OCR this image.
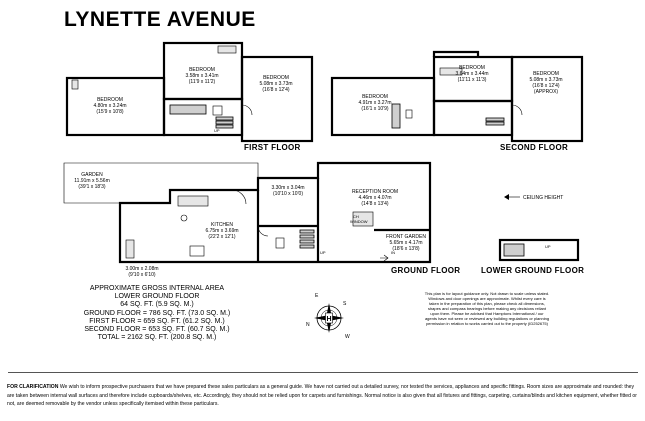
LYNETTE AVENUE
H
FIRST FLOOR	SECOND FLOOR
GROUND FLOOR	LOWER GROUND FLOOR
BEDROOM
4.80m x 3.24m
(15'9 x 10'8)
BEDROOM
3.58m x 3.41m
(11'9 x 11'2)
BEDROOM
5.08m x 3.73m
(16'8 x 12'4)
UP
BEDROOM
4.91m x 3.27m
(16'1 x 10'9)
BEDROOM
3.64m x 3.44m
(11'11 x 11'3)
BEDROOM
5.08m x 3.73m
(16'8 x 12'4)
(APPROX)
GARDEN
11.91m x 5.56m
(39'1 x 18'3)
KITCHEN
6.75m x 3.69m
(22'2 x 12'1)
3.30m x 3.04m
(10'10 x 10'0)
3.00m x 2.08m
(9'10 x 6'10)
RECEPTION ROOM
4.46m x 4.07m
(14'8 x 13'4)
FRONT GARDEN
5.65m x 4.17m
(18'6 x 13'8)
CH
WINDOW
UP	IN
UP
CEILING HEIGHT
E
S
N
W
APPROXIMATE GROSS INTERNAL AREA
LOWER GROUND FLOOR
64 SQ. FT. (5.9 SQ. M.)
GROUND FLOOR = 786 SQ. FT. (73.0 SQ. M.)
FIRST FLOOR = 659 SQ. FT. (61.2 SQ. M.)
SECOND FLOOR = 653 SQ. FT. (60.7 SQ. M.)
TOTAL = 2162 SQ. FT. (200.8 SQ. M.)
This plan is for layout guidance only. Not drawn to scale unless stated. Windows and door openings are approximate. Whilst every care is taken in the preparation of this plan, please check all dimensions, shapes and compass bearings before making any decisions reliant upon them. Please be advised that Hamptons International / our agents have not seen or reviewed any building regulations or planning permission in relation to works carried out to the property (ID252675)
FOR CLARIFICATION We wish to inform prospective purchasers that we have prepared these sales particulars as a general guide. We have not carried out a detailed survey, nor tested the services, appliances and specific fittings. Room sizes are approximate and rounded: they are taken between internal wall surfaces and therefore include cupboards/shelves, etc. Accordingly, they should not be relied upon for carpets and furnishings. Normal notice is also given that all fixtures and fittings, carpeting, curtains/blinds and kitchen equipment, whether fitted or not, are deemed removable by the vendor unless specifically itemised within these particulars.
